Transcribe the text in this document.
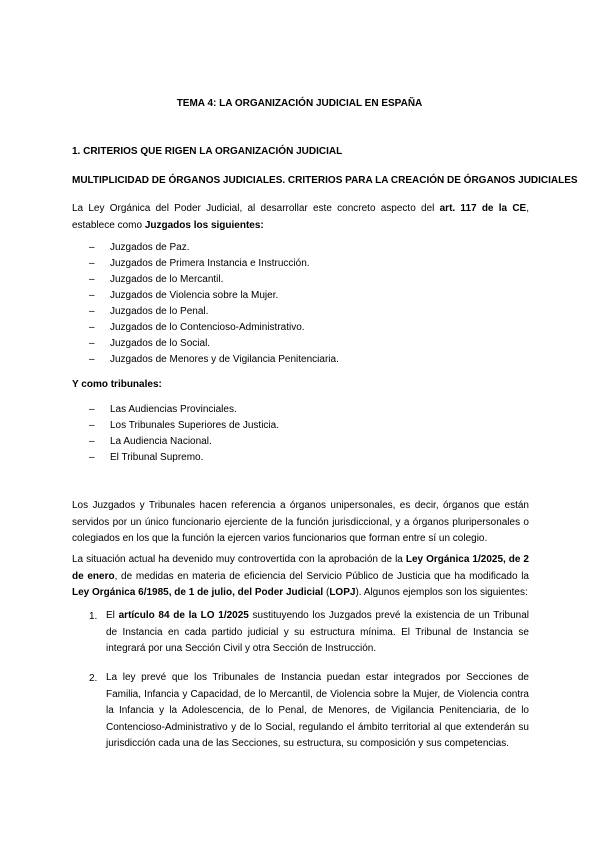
TEMA 4: LA ORGANIZACIÓN JUDICIAL EN ESPAÑA
1. CRITERIOS QUE RIGEN LA ORGANIZACIÓN JUDICIAL
MULTIPLICIDAD DE ÓRGANOS JUDICIALES. CRITERIOS PARA LA CREACIÓN DE ÓRGANOS JUDICIALES
La Ley Orgánica del Poder Judicial, al desarrollar este concreto aspecto del art. 117 de la CE, establece como Juzgados los siguientes:
– Juzgados de Paz.
– Juzgados de Primera Instancia e Instrucción.
– Juzgados de lo Mercantil.
– Juzgados de Violencia sobre la Mujer.
– Juzgados de lo Penal.
– Juzgados de lo Contencioso-Administrativo.
– Juzgados de lo Social.
– Juzgados de Menores y de Vigilancia Penitenciaria.
Y como tribunales:
– Las Audiencias Provinciales.
– Los Tribunales Superiores de Justicia.
– La Audiencia Nacional.
– El Tribunal Supremo.
Los Juzgados y Tribunales hacen referencia a órganos unipersonales, es decir, órganos que están servidos por un único funcionario ejerciente de la función jurisdiccional, y a órganos pluripersonales o colegiados en los que la función la ejercen varios funcionarios que forman entre sí un colegio.
La situación actual ha devenido muy controvertida con la aprobación de la Ley Orgánica 1/2025, de 2 de enero, de medidas en materia de eficiencia del Servicio Público de Justicia que ha modificado la Ley Orgánica 6/1985, de 1 de julio, del Poder Judicial (LOPJ). Algunos ejemplos son los siguientes:
1. El artículo 84 de la LO 1/2025 sustituyendo los Juzgados prevé la existencia de un Tribunal de Instancia en cada partido judicial y su estructura mínima. El Tribunal de Instancia se integrará por una Sección Civil y otra Sección de Instrucción.
2. La ley prevé que los Tribunales de Instancia puedan estar integrados por Secciones de Familia, Infancia y Capacidad, de lo Mercantil, de Violencia sobre la Mujer, de Violencia contra la Infancia y la Adolescencia, de lo Penal, de Menores, de Vigilancia Penitenciaria, de lo Contencioso-Administrativo y de lo Social, regulando el ámbito territorial al que extenderán su jurisdicción cada una de las Secciones, su estructura, su composición y sus competencias.
